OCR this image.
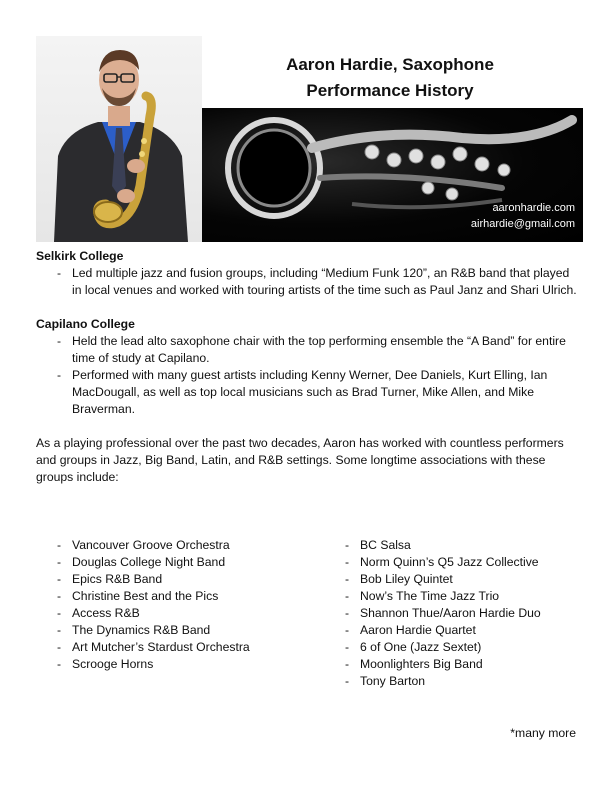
Aaron Hardie, Saxophone
Performance History
aaronhardie.com
airhardie@gmail.com
Selkirk College
- Led multiple jazz and fusion groups, including “Medium Funk 120”, an R&B band that played in local venues and worked with touring artists of the time such as Paul Janz and Shari Ulrich.
Capilano College
- Held the lead alto saxophone chair with the top performing ensemble the “A Band” for entire time of study at Capilano.
- Performed with many guest artists including Kenny Werner, Dee Daniels, Kurt Elling, Ian MacDougall, as well as top local musicians such as Brad Turner, Mike Allen, and Mike Braverman.

As a playing professional over the past two decades, Aaron has worked with countless performers and groups in Jazz, Big Band, Latin, and R&B settings. Some longtime associations with these groups include:

- Vancouver Groove Orchestra
- Douglas College Night Band
- Epics R&B Band
- Christine Best and the Pics
- Access R&B
- The Dynamics R&B Band
- Art Mutcher’s Stardust Orchestra
- Scrooge Horns
- BC Salsa
- Norm Quinn’s Q5 Jazz Collective
- Bob Liley Quintet
- Now’s The Time Jazz Trio
- Shannon Thue/Aaron Hardie Duo
- Aaron Hardie Quartet
- 6 of One (Jazz Sextet)
- Moonlighters Big Band
- Tony Barton
*many more
